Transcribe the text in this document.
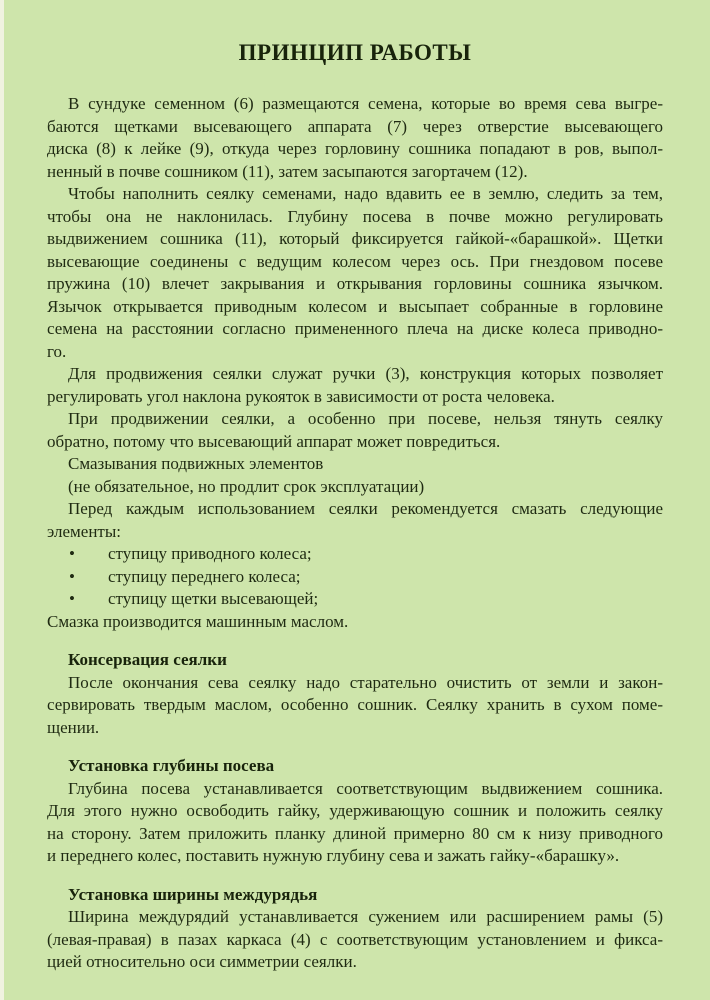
ПРИНЦИП РАБОТЫ
В сундуке семенном (6) размещаются семена, которые во время сева выгре-
баются щетками высевающего аппарата (7) через отверстие высевающего
диска (8) к лейке (9), откуда через горловину сошника попадают в ров, выпол-
ненный в почве сошником (11), затем засыпаются загортачем (12).
Чтобы наполнить сеялку семенами, надо вдавить ее в землю, следить за тем,
чтобы она не наклонилась. Глубину посева в почве можно регулировать
выдвижением сошника (11), который фиксируется гайкой-«барашкой». Щетки
высевающие соединены с ведущим колесом через ось. При гнездовом посеве
пружина (10) влечет закрывания и открывания горловины сошника язычком.
Язычок открывается приводным колесом и высыпает собранные в горловине
семена на расстоянии согласно примененного плеча на диске колеса приводно-
го.
Для продвижения сеялки служат ручки (3), конструкция которых позволяет
регулировать угол наклона рукояток в зависимости от роста человека.
При продвижении сеялки, а особенно при посеве, нельзя тянуть сеялку
обратно, потому что высевающий аппарат может повредиться.
Смазывания подвижных элементов
(не обязательное, но продлит срок эксплуатации)
Перед каждым использованием сеялки рекомендуется смазать следующие
элементы:
•	ступицу приводного колеса;
•	ступицу переднего колеса;
•	ступицу щетки высевающей;
Смазка производится машинным маслом.
Консервация сеялки
После окончания сева сеялку надо старательно очистить от земли и закон-
сервировать твердым маслом, особенно сошник. Сеялку хранить в сухом поме-
щении.
Установка глубины посева
Глубина посева устанавливается соответствующим выдвижением сошника.
Для этого нужно освободить гайку, удерживающую сошник и положить сеялку
на сторону. Затем приложить планку длиной примерно 80 см к низу приводного
и переднего колес, поставить нужную глубину сева и зажать гайку-«барашку».
Установка ширины междурядья
Ширина междурядий устанавливается сужением или расширением рамы (5)
(левая-правая) в пазах каркаса (4) с соответствующим установлением и фикса-
цией относительно оси симметрии сеялки.
